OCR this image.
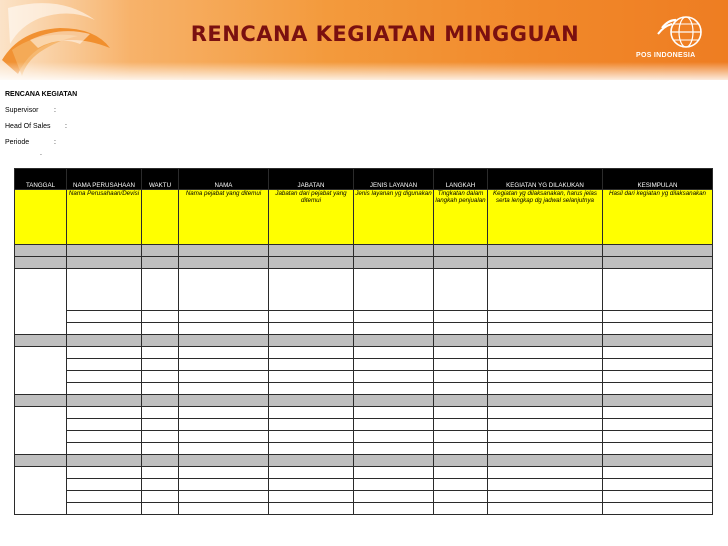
RENCANA KEGIATAN MINGGUAN
POS INDONESIA
RENCANA KEGIATAN
Supervisor :
Head Of Sales :
Periode	:
.
TANGGAL	NAMA PERUSAHAAN	WAKTU	NAMA	JABATAN	JENIS LAYANAN	LANGKAH	KEGIATAN YG DILAKUKAN	KESIMPULAN
	Nama Perusahaan/Devisi		Nama pejabat yang ditemui	Jabatan dari pejabat yang ditemui	Jenis layanan yg digunakan	Tingkatan dalam langkah penjualan	Kegiatan yg dilaksanakan, harus jelas serta lengkap dg jadwal selanjutnya	Hasil dari kegiatan yg dilaksanakan
